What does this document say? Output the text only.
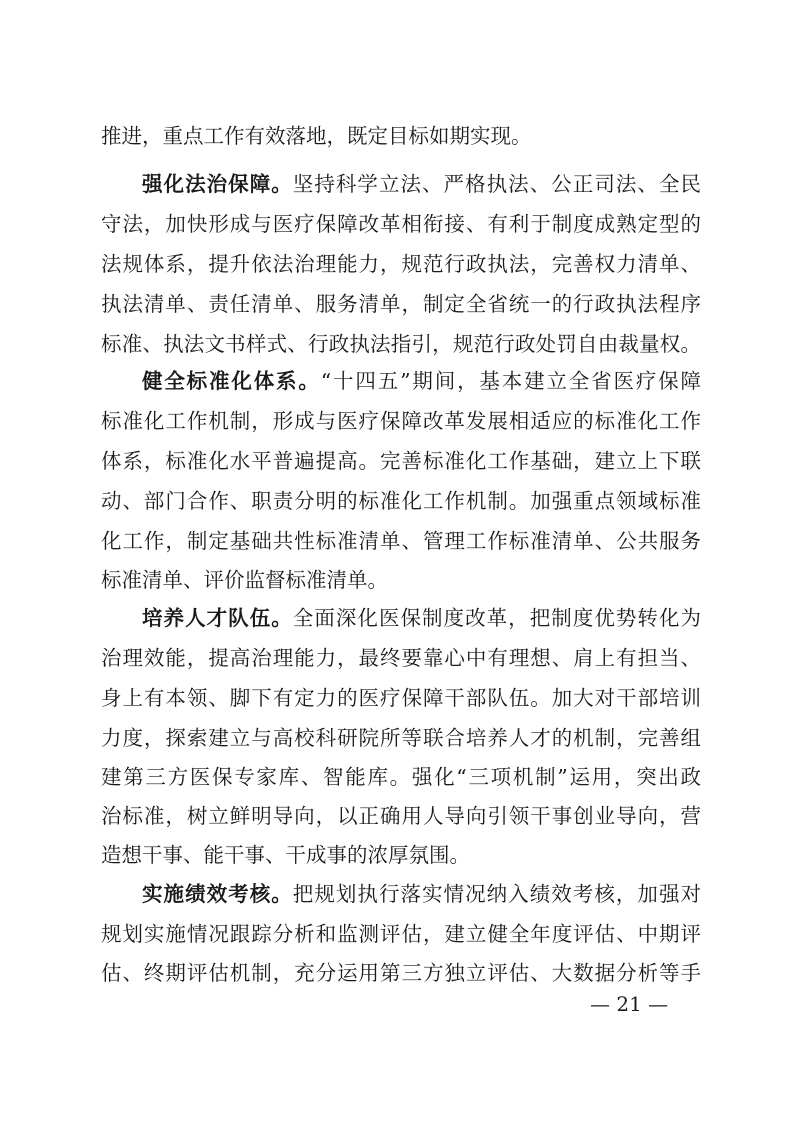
推进，重点工作有效落地，既定目标如期实现。
强化法治保障。坚持科学立法、严格执法、公正司法、全民
守法，加快形成与医疗保障改革相衔接、有利于制度成熟定型的
法规体系，提升依法治理能力，规范行政执法，完善权力清单、
执法清单、责任清单、服务清单，制定全省统一的行政执法程序
标准、执法文书样式、行政执法指引，规范行政处罚自由裁量权。
健全标准化体系。“十四五”期间，基本建立全省医疗保障
标准化工作机制，形成与医疗保障改革发展相适应的标准化工作
体系，标准化水平普遍提高。完善标准化工作基础，建立上下联
动、部门合作、职责分明的标准化工作机制。加强重点领域标准
化工作，制定基础共性标准清单、管理工作标准清单、公共服务
标准清单、评价监督标准清单。
培养人才队伍。全面深化医保制度改革，把制度优势转化为
治理效能，提高治理能力，最终要靠心中有理想、肩上有担当、
身上有本领、脚下有定力的医疗保障干部队伍。加大对干部培训
力度，探索建立与高校科研院所等联合培养人才的机制，完善组
建第三方医保专家库、智能库。强化“三项机制”运用，突出政
治标准，树立鲜明导向，以正确用人导向引领干事创业导向，营
造想干事、能干事、干成事的浓厚氛围。
实施绩效考核。把规划执行落实情况纳入绩效考核，加强对
规划实施情况跟踪分析和监测评估，建立健全年度评估、中期评
估、终期评估机制，充分运用第三方独立评估、大数据分析等手
— 21 —
